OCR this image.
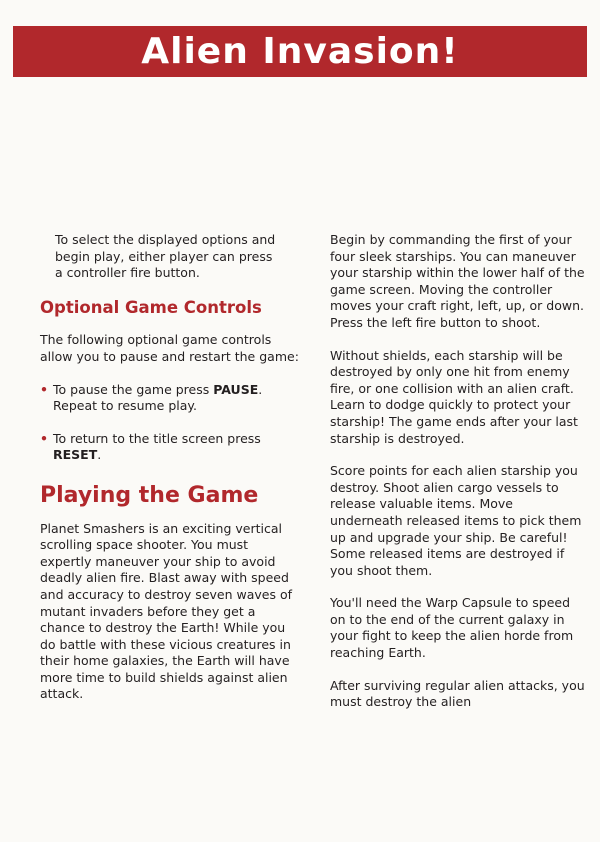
Alien Invasion!

To select the displayed options and begin play, either player can press a controller fire button.

Optional Game Controls

The following optional game controls allow you to pause and restart the game:

• To pause the game press PAUSE. Repeat to resume play.
• To return to the title screen press RESET.
Playing the Game

Planet Smashers is an exciting vertical scrolling space shooter. You must expertly maneuver your ship to avoid deadly alien fire. Blast away with speed and accuracy to destroy seven waves of mutant invaders before they get a chance to destroy the Earth! While you do battle with these vicious creatures in their home galaxies, the Earth will have more time to build shields against alien attack.

Begin by commanding the first of your four sleek starships. You can maneuver your starship within the lower half of the game screen. Moving the controller moves your craft right, left, up, or down. Press the left fire button to shoot.

Without shields, each starship will be destroyed by only one hit from enemy fire, or one collision with an alien craft. Learn to dodge quickly to protect your starship! The game ends after your last starship is destroyed.

Score points for each alien starship you destroy. Shoot alien cargo vessels to release valuable items. Move underneath released items to pick them up and upgrade your ship. Be careful! Some released items are destroyed if you shoot them.

You'll need the Warp Capsule to speed on to the end of the current galaxy in your fight to keep the alien horde from reaching Earth.

After surviving regular alien attacks, you must destroy the alien
